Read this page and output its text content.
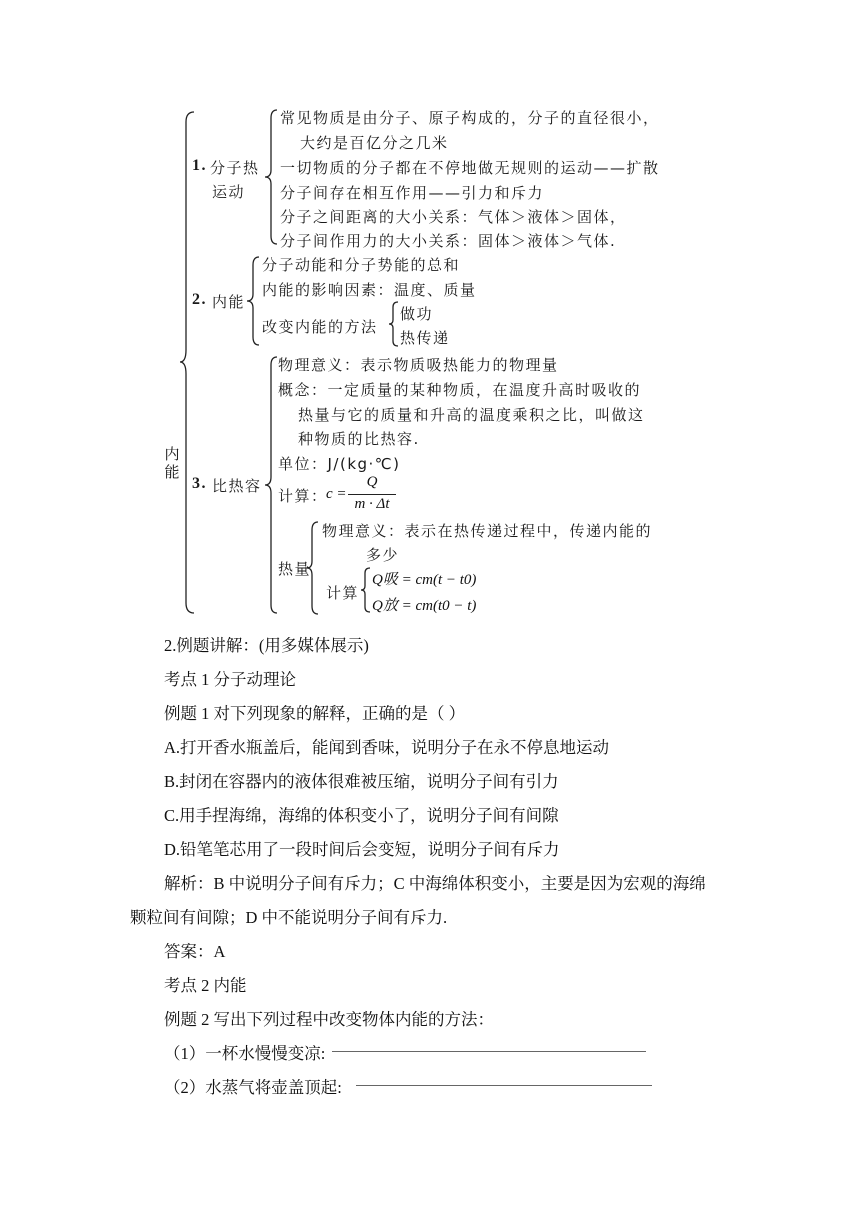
内
能
1. 分子热
运动
常见物质是由分子、原子构成的，分子的直径很小，
大约是百亿分之几米
一切物质的分子都在不停地做无规则的运动——扩散
分子间存在相互作用——引力和斥力
分子之间距离的大小关系：气体＞液体＞固体，
分子间作用力的大小关系：固体＞液体＞气体.
2. 内能
分子动能和分子势能的总和
内能的影响因素：温度、质量
改变内能的方法
做功
热传递
3. 比热容
物理意义：表示物质吸热能力的物理量
概念：一定质量的某种物质，在温度升高时吸收的
热量与它的质量和升高的温度乘积之比，叫做这
种物质的比热容.
单位：J/(kg·℃)
计算：
c =
Q
m · Δt
热量
物理意义：表示在热传递过程中，传递内能的
多少
计算
Q吸 = cm(t − t0)
Q放 = cm(t0 − t)
2.例题讲解：(用多媒体展示)
考点 1 分子动理论
例题 1 对下列现象的解释，正确的是（ ）
A.打开香水瓶盖后，能闻到香味，说明分子在永不停息地运动
B.封闭在容器内的液体很难被压缩，说明分子间有引力
C.用手捏海绵，海绵的体积变小了，说明分子间有间隙
D.铅笔笔芯用了一段时间后会变短，说明分子间有斥力
解析：B 中说明分子间有斥力；C 中海绵体积变小，主要是因为宏观的海绵
颗粒间有间隙；D 中不能说明分子间有斥力.
答案：A
考点 2 内能
例题 2 写出下列过程中改变物体内能的方法：
（1）一杯水慢慢变凉:
（2）水蒸气将壶盖顶起:
